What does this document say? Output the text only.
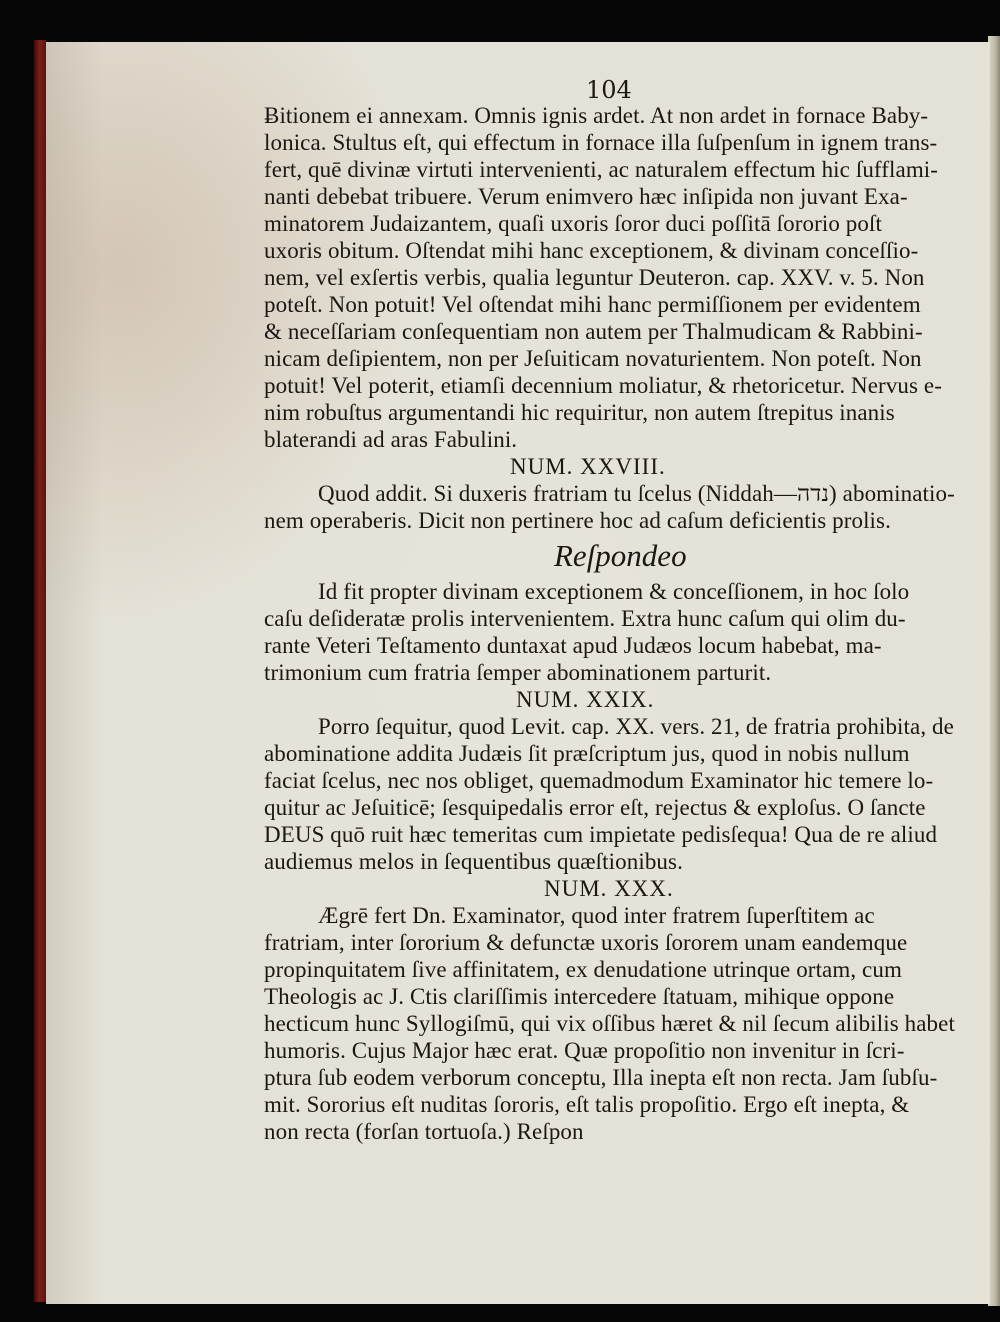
104
Ƀitionem ei annexam. Omnis ignis ardet. At non ardet in fornace Baby-
lonica. Stultus eſt, qui effectum in fornace illa ſuſpenſum in ignem trans-
fert, quē divinæ virtuti intervenienti, ac naturalem effectum hic ſufflami-
nanti debebat tribuere. Verum enimvero hæc inſipida non juvant Exa-
minatorem Judaizantem, quaſi uxoris ſoror duci poſſitā ſororio poſt
uxoris obitum. Oſtendat mihi hanc exceptionem, & divinam conceſſio-
nem, vel exſertis verbis, qualia leguntur Deuteron. cap. XXV. v. 5. Non
poteſt. Non potuit! Vel oſtendat mihi hanc permiſſionem per evidentem
& neceſſariam conſequentiam non autem per Thalmudicam & Rabbini-
nicam deſipientem, non per Jeſuiticam novaturientem. Non poteſt. Non
potuit! Vel poterit, etiamſi decennium moliatur, & rhetoricetur. Nervus e-
nim robuſtus argumentandi hic requiritur, non autem ſtrepitus inanis
blaterandi ad aras Fabulini.
NUM. XXVIII.
Quod addit. Si duxeris fratriam tu ſcelus (Niddah—נדה) abominatio-
nem operaberis. Dicit non pertinere hoc ad caſum deficientis prolis.
Reſpondeo
Id fit propter divinam exceptionem & conceſſionem, in hoc ſolo
caſu deſideratæ prolis intervenientem. Extra hunc caſum qui olim du-
rante Veteri Teſtamento duntaxat apud Judæos locum habebat, ma-
trimonium cum fratria ſemper abominationem parturit.
NUM. XXIX.
Porro ſequitur, quod Levit. cap. XX. vers. 21, de fratria prohibita, de
abominatione addita Judæis ſit præſcriptum jus, quod in nobis nullum
faciat ſcelus, nec nos obliget, quemadmodum Examinator hic temere lo-
quitur ac Jeſuiticē; ſesquipedalis error eſt, rejectus & exploſus. O ſancte
DEUS quō ruit hæc temeritas cum impietate pedisſequa! Qua de re aliud
audiemus melos in ſequentibus quæſtionibus.
NUM. XXX.
Ægrē fert Dn. Examinator, quod inter fratrem ſuperſtitem ac
fratriam, inter ſororium & defunctæ uxoris ſororem unam eandemque
propinquitatem ſive affinitatem, ex denudatione utrinque ortam, cum
Theologis ac J. Ctis clariſſimis intercedere ſtatuam, mihique oppone
hecticum hunc Syllogiſmū, qui vix oſſibus hæret & nil ſecum alibilis habet
humoris. Cujus Major hæc erat. Quæ propoſitio non invenitur in ſcri-
ptura ſub eodem verborum conceptu, Illa inepta eſt non recta. Jam ſubſu-
mit. Sororius eſt nuditas ſororis, eſt talis propoſitio. Ergo eſt inepta, &
non recta (forſan tortuoſa.) Reſpon
